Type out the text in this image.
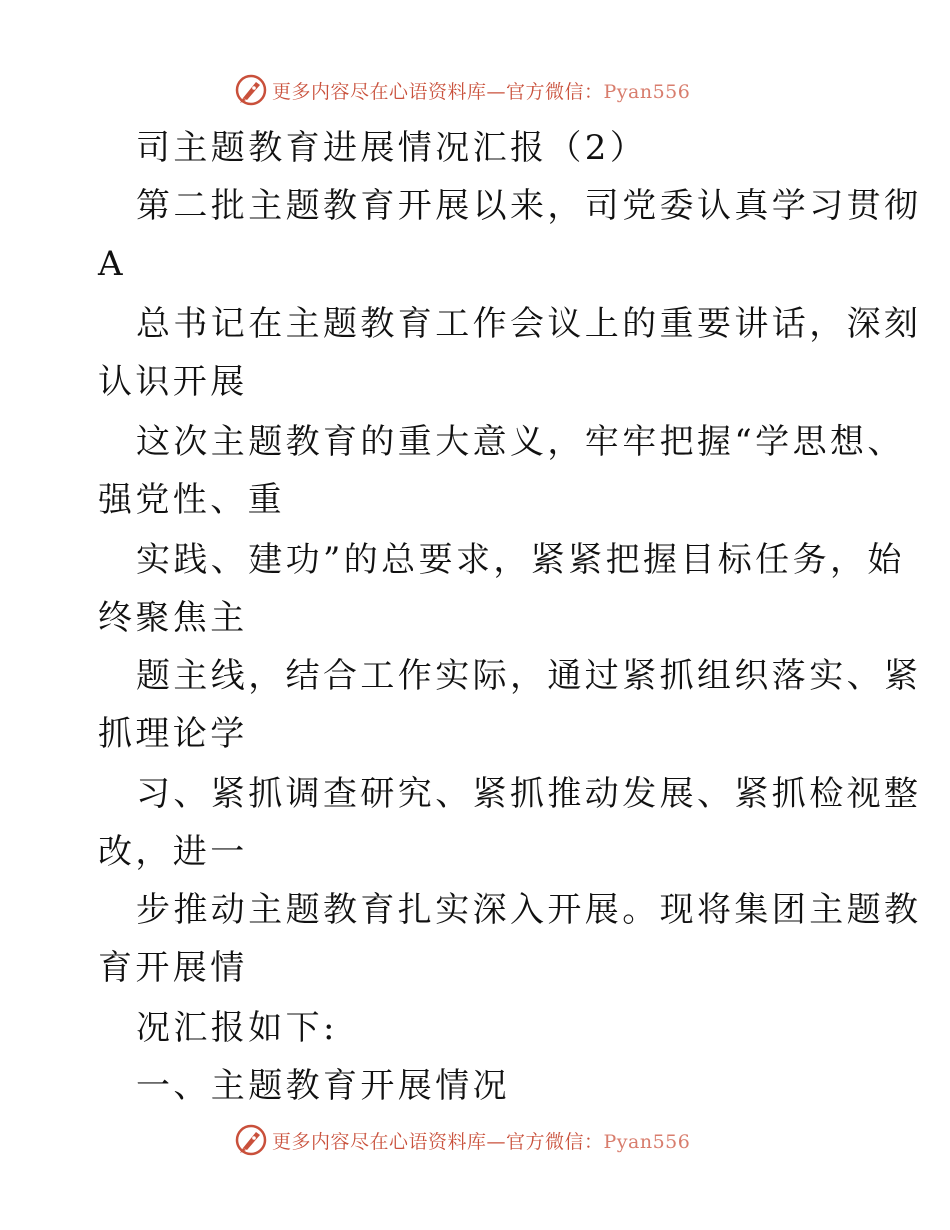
更多内容尽在心语资料库—官方微信：Pyan556
司主题教育进展情况汇报（2）
第二批主题教育开展以来，司党委认真学习贯彻
A
总书记在主题教育工作会议上的重要讲话，深刻
认识开展
这次主题教育的重大意义，牢牢把握“学思想、
强党性、重
实践、建功”的总要求，紧紧把握目标任务，始
终聚焦主
题主线，结合工作实际，通过紧抓组织落实、紧
抓理论学
习、紧抓调查研究、紧抓推动发展、紧抓检视整
改，进一
步推动主题教育扎实深入开展。现将集团主题教
育开展情
况汇报如下:
一、主题教育开展情况
更多内容尽在心语资料库—官方微信：Pyan556
